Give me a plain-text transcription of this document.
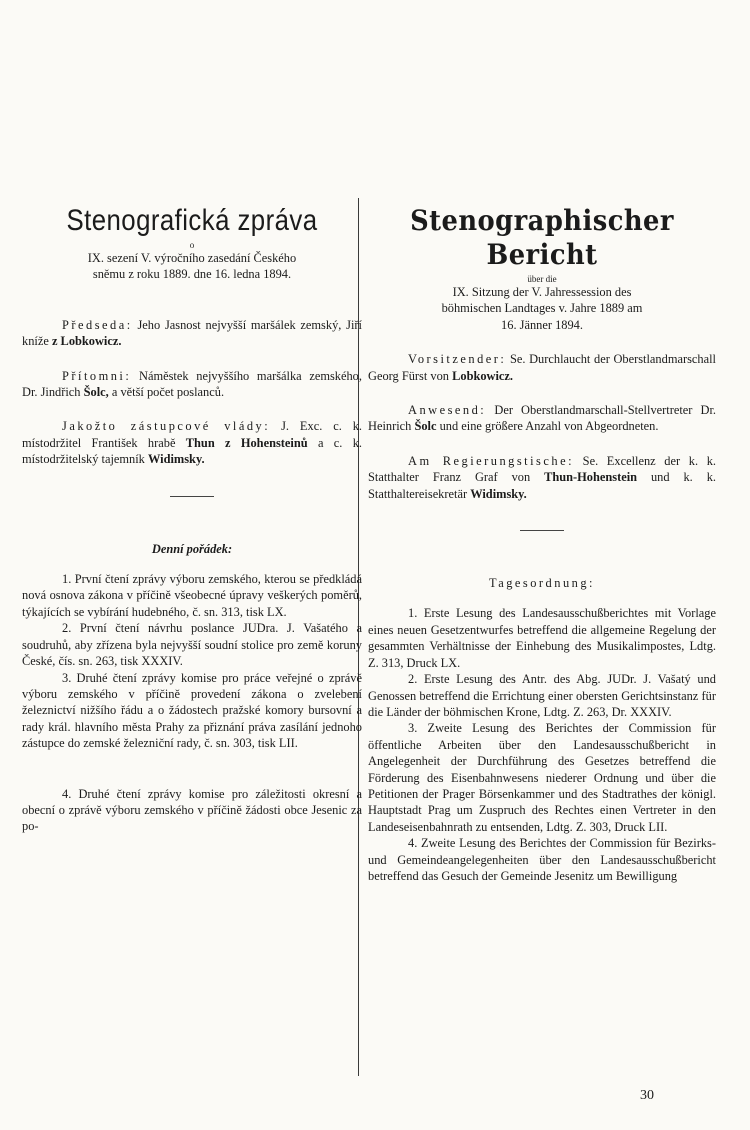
Stenografická zpráva

o

IX. sezení V. výročního zasedání Českého

sněmu z roku 1889. dne 16. ledna 1894.

Předseda: Jeho Jasnost nejvyšší maršálek zemský, Jiří kníže z Lobkowicz.

Přítomni: Náměstek nejvyššího maršálka zemského, Dr. Jindřich Šolc, a větší počet poslanců.

Jakožto zástupcové vlády: J. Exc. c. k. místodržitel František hrabě Thun z Hohensteinů a c. k. místodržitelský tajemník Widimsky.

Denní pořádek:

1. První čtení zprávy výboru zemského, kterou se předkládá nová osnova zákona v příčině všeobecné úpravy veškerých poměrů, týkajících se vybírání hudebného, č. sn. 313, tisk LX.

2. První čtení návrhu poslance JUDra. J. Vašatého a soudruhů, aby zřízena byla nejvyšší soudní stolice pro země koruny České, čís. sn. 263, tisk XXXIV.

3. Druhé čtení zprávy komise pro práce veřejné o zprávě výboru zemského v příčině provedení zákona o zvelebení železnictví nižšího řádu a o žádostech pražské komory bursovní a rady král. hlavního města Prahy za přiznání práva zasílání jednoho zástupce do zemské železniční rady, č. sn. 303, tisk LII.

4. Druhé čtení zprávy komise pro záležitosti okresní a obecní o zprávě výboru zemského v příčině žádosti obce Jesenic za po-

Stenographischer Bericht

über die

IX. Sitzung der V. Jahressession des

böhmischen Landtages v. Jahre 1889 am

16. Jänner 1894.

Vorsitzender: Se. Durchlaucht der Oberstlandmarschall Georg Fürst von Lobkowicz.

Anwesend: Der Oberstlandmarschall-Stellvertreter Dr. Heinrich Šolc und eine größere Anzahl von Abgeordneten.

Am Regierungstische: Se. Excellenz der k. k. Statthalter Franz Graf von Thun-Hohenstein und k. k. Statthaltereisekretär Widimsky.

Tagesordnung:

1. Erste Lesung des Landesausschußberichtes mit Vorlage eines neuen Gesetzentwurfes betreffend die allgemeine Regelung der gesammten Verhältnisse der Einhebung des Musikalimpostes, Ldtg. Z. 313, Druck LX.

2. Erste Lesung des Antr. des Abg. JUDr. J. Vašatý und Genossen betreffend die Errichtung einer obersten Gerichtsinstanz für die Länder der böhmischen Krone, Ldtg. Z. 263, Dr. XXXIV.

3. Zweite Lesung des Berichtes der Commission für öffentliche Arbeiten über den Landesausschußbericht in Angelegenheit der Durchführung des Gesetzes betreffend die Förderung des Eisenbahnwesens niederer Ordnung und über die Petitionen der Prager Börsenkammer und des Stadtrathes der königl. Hauptstadt Prag um Zuspruch des Rechtes einen Vertreter in den Landeseisenbahnrath zu entsenden, Ldtg. Z. 303, Druck LII.

4. Zweite Lesung des Berichtes der Commission für Bezirks- und Gemeindeangelegenheiten über den Landesausschußbericht betreffend das Gesuch der Gemeinde Jesenitz um Bewilligung

30
